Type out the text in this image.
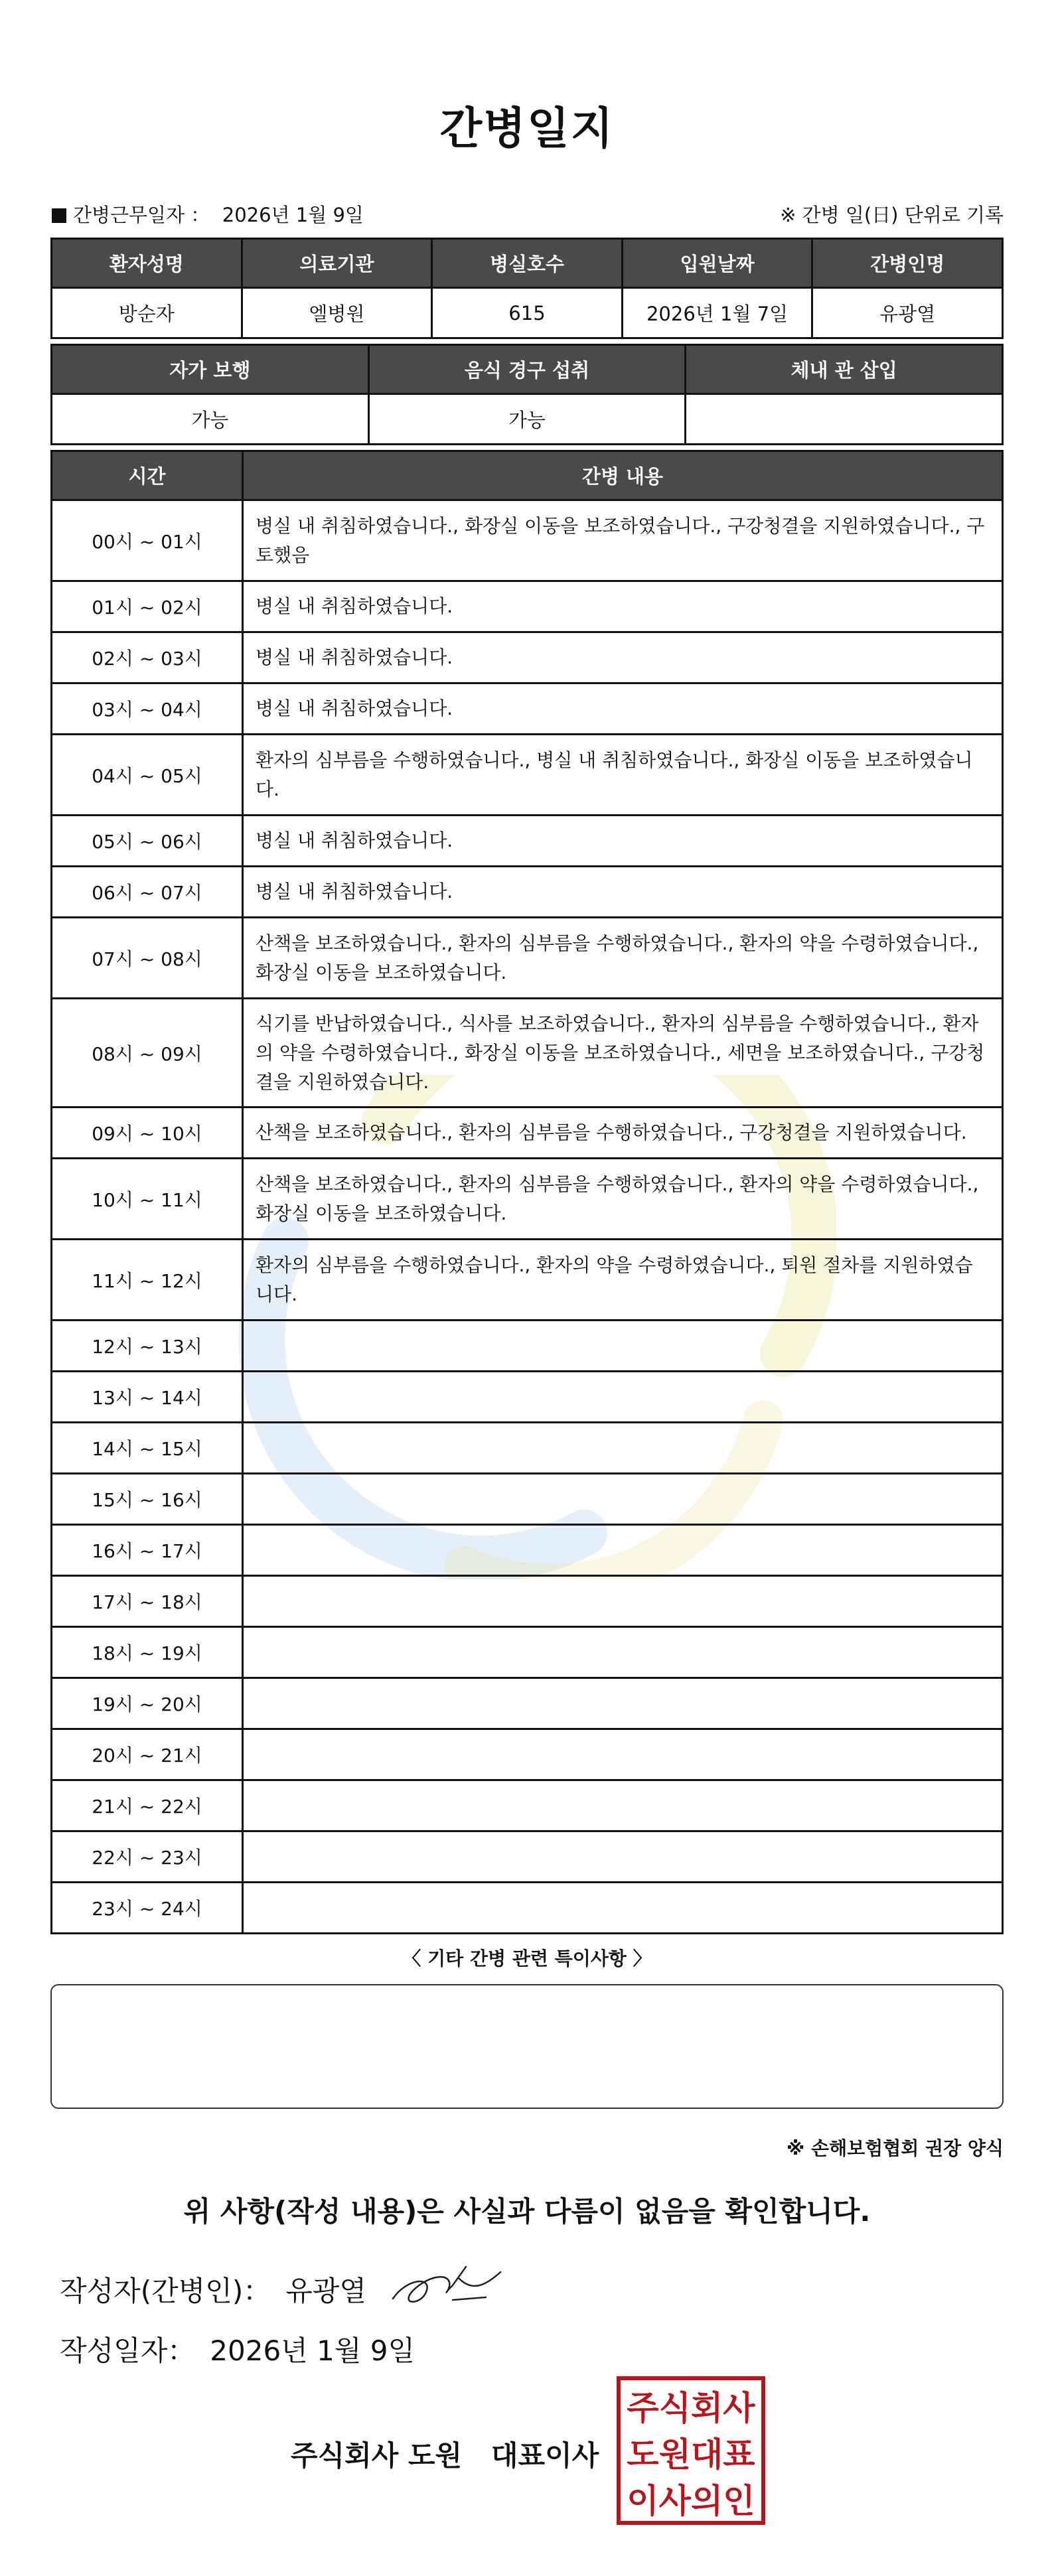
간병일지
간병근무일자 ： 2026년 1월 9일	※ 간병 일(日) 단위로 기록
환자성명	의료기관	병실호수	입원날짜	간병인명
방순자	엘병원	615	2026년 1월 7일	유광열
자가 보행	음식 경구 섭취	체내 관 삽입
가능	가능	
시간	간병 내용
00시 ~ 01시	병실 내 취침하였습니다., 화장실 이동을 보조하였습니다., 구강청결을 지원하였습니다., 구토했음
01시 ~ 02시	병실 내 취침하였습니다.
02시 ~ 03시	병실 내 취침하였습니다.
03시 ~ 04시	병실 내 취침하였습니다.
04시 ~ 05시	환자의 심부름을 수행하였습니다., 병실 내 취침하였습니다., 화장실 이동을 보조하였습니다.
05시 ~ 06시	병실 내 취침하였습니다.
06시 ~ 07시	병실 내 취침하였습니다.
07시 ~ 08시	산책을 보조하였습니다., 환자의 심부름을 수행하였습니다., 환자의 약을 수령하였습니다., 화장실 이동을 보조하였습니다.
08시 ~ 09시	식기를 반납하였습니다., 식사를 보조하였습니다., 환자의 심부름을 수행하였습니다., 환자의 약을 수령하였습니다., 화장실 이동을 보조하였습니다., 세면을 보조하였습니다., 구강청결을 지원하였습니다.
09시 ~ 10시	산책을 보조하였습니다., 환자의 심부름을 수행하였습니다., 구강청결을 지원하였습니다.
10시 ~ 11시	산책을 보조하였습니다., 환자의 심부름을 수행하였습니다., 환자의 약을 수령하였습니다., 화장실 이동을 보조하였습니다.
11시 ~ 12시	환자의 심부름을 수행하였습니다., 환자의 약을 수령하였습니다., 퇴원 절차를 지원하였습니다.
12시 ~ 13시	
13시 ~ 14시	
14시 ~ 15시	
15시 ~ 16시	
16시 ~ 17시	
17시 ~ 18시	
18시 ~ 19시	
19시 ~ 20시	
20시 ~ 21시	
21시 ~ 22시	
22시 ~ 23시	
23시 ~ 24시	
〈 기타 간병 관련 특이사항 〉
※ 손해보험협회 권장 양식
위 사항(작성 내용)은 사실과 다름이 없음을 확인합니다.
작성자(간병인)： 유광열
작성일자： 2026년 1월 9일
주식회사 도원   대표이사
주식회사
도원대표
이사의인
